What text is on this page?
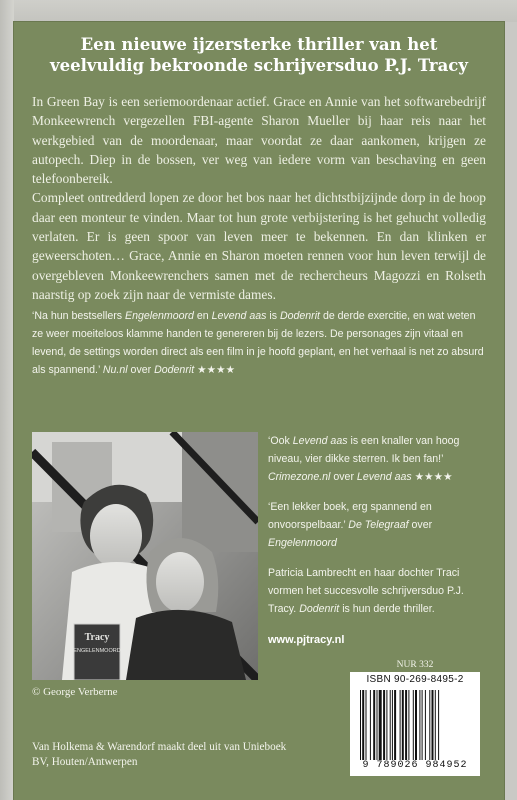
Een nieuwe ijzersterke thriller van het veelvuldig bekroonde schrijversduo P.J. Tracy

In Green Bay is een seriemoordenaar actief. Grace en Annie van het softwarebedrijf Monkeewrench vergezellen FBI-agente Sharon Mueller bij haar reis naar het werkgebied van de moordenaar, maar voordat ze daar aankomen, krijgen ze autopech. Diep in de bossen, ver weg van iedere vorm van beschaving en geen telefoonbereik.

Compleet ontredderd lopen ze door het bos naar het dichtstbijzijnde dorp in de hoop daar een monteur te vinden. Maar tot hun grote verbijstering is het gehucht volledig verlaten. Er is geen spoor van leven meer te bekennen. En dan klinken er geweerschoten… Grace, Annie en Sharon moeten rennen voor hun leven terwijl de overgebleven Monkeewrenchers samen met de rechercheurs Magozzi en Rolseth naarstig op zoek zijn naar de vermiste dames.

‘Na hun bestsellers Engelenmoord en Levend aas is Dodenrit de derde exercitie, en wat weten ze weer moeiteloos klamme handen te genereren bij de lezers. De personages zijn vitaal en levend, de settings worden direct als een film in je hoofd geplant, en het verhaal is net zo absurd als spannend.’ Nu.nl over Dodenrit ★★★★
Tracy
ENGELENMOORD
© George Verberne

‘Ook Levend aas is een knaller van hoog niveau, vier dikke sterren. Ik ben fan!’ Crimezone.nl over Levend aas ★★★★

‘Een lekker boek, erg spannend en onvoorspelbaar.’ De Telegraaf over Engelenmoord

Patricia Lambrecht en haar dochter Traci vormen het succesvolle schrijversduo P.J. Tracy. Dodenrit is hun derde thriller.

www.pjtracy.nl
NUR 332
ISBN 90-269-8495-2
9 789026 984952
Van Holkema & Warendorf maakt deel uit van Unieboek BV, Houten/Antwerpen
